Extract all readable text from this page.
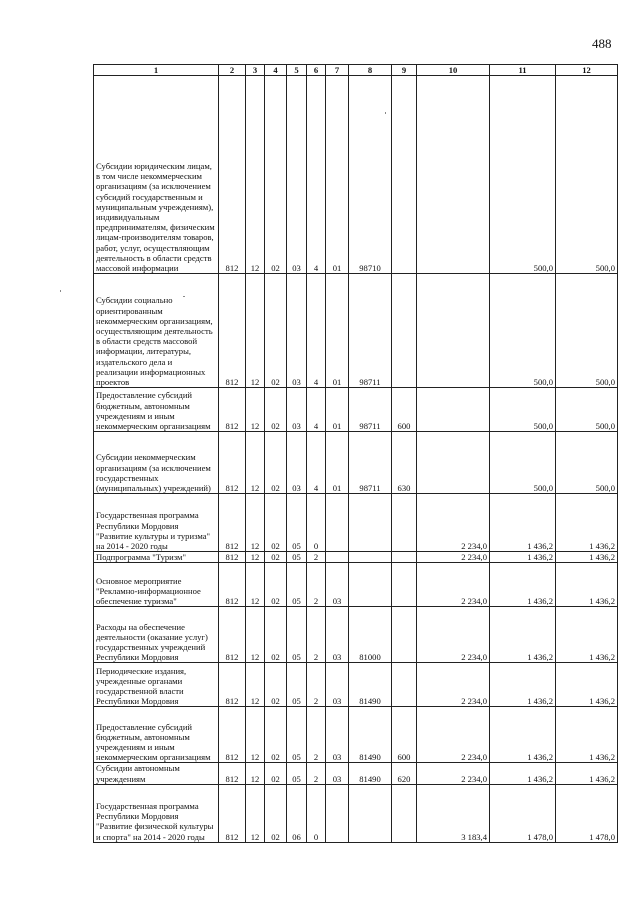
488
1	2	3	4	5	6	7	8	9	10	11	12
Субсидии юридическим лицам, в том числе некоммерческим организациям (за исключением субсидий государственным и муниципальным учреждениям), индивидуальным предпринимателям, физическим лицам-производителям товаров, работ, услуг, осуществляющим деятельность в области средств массовой информации	812	12	02	03	4	01	98710			500,0	500,0
Субсидии социально ориентированным некоммерческим организациям, осуществляющим деятельность в области средств массовой информации, литературы, издательского дела и реализации информационных проектов	812	12	02	03	4	01	98711			500,0	500,0
Предоставление субсидий бюджетным, автономным учреждениям и иным некоммерческим организациям	812	12	02	03	4	01	98711	600		500,0	500,0
Субсидии некоммерческим организациям (за исключением государственных (муниципальных) учреждений)	812	12	02	03	4	01	98711	630		500,0	500,0
Государственная программа Республики Мордовия "Развитие культуры и туризма" на 2014 - 2020 годы	812	12	02	05	0				2 234,0	1 436,2	1 436,2
Подпрограмма "Туризм"	812	12	02	05	2				2 234,0	1 436,2	1 436,2
Основное мероприятие "Рекламно-информационное обеспечение туризма"	812	12	02	05	2	03			2 234,0	1 436,2	1 436,2
Расходы на обеспечение деятельности (оказание услуг) государственных учреждений Республики Мордовия	812	12	02	05	2	03	81000		2 234,0	1 436,2	1 436,2
Периодические издания, учрежденные органами государственной власти Республики Мордовия	812	12	02	05	2	03	81490		2 234,0	1 436,2	1 436,2
Предоставление субсидий бюджетным, автономным учреждениям и иным некоммерческим организациям	812	12	02	05	2	03	81490	600	2 234,0	1 436,2	1 436,2
Субсидии автономным учреждениям	812	12	02	05	2	03	81490	620	2 234,0	1 436,2	1 436,2
Государственная программа Республики Мордовия "Развитие физической культуры и спорта" на 2014 - 2020 годы	812	12	02	06	0				3 183,4	1 478,0	1 478,0
